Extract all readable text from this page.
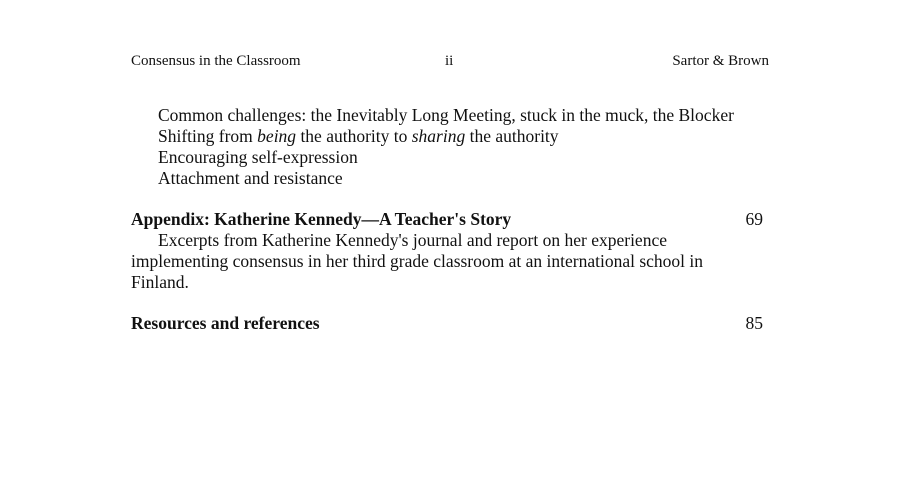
Consensus in the Classroom	ii	Sartor & Brown
Common challenges: the Inevitably Long Meeting, stuck in the muck, the Blocker
Shifting from being the authority to sharing the authority
Encouraging self-expression
Attachment and resistance
Appendix: Katherine Kennedy—A Teacher's Story	69
Excerpts from Katherine Kennedy's journal and report on her experience implementing consensus in her third grade classroom at an international school in Finland.
Resources and references	85
